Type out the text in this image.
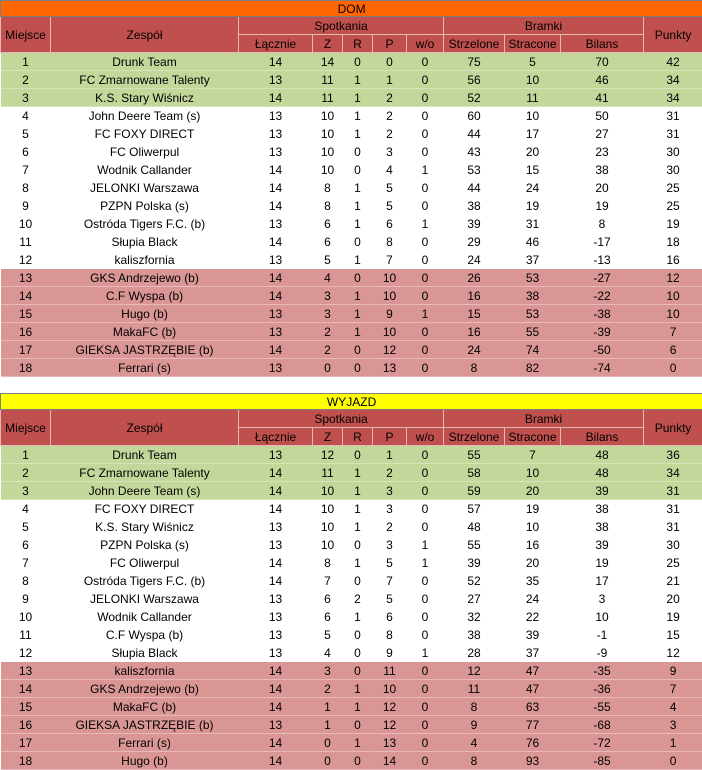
DOM										
Miejsce	Zespół	Spotkania					Bramki			Punkty
		Łącznie	Z	R	P	w/o	Strzelone	Stracone	Bilans	
1	Drunk Team	14	14	0	0	0	75	5	70	42
2	FC Zmarnowane Talenty	13	11	1	1	0	56	10	46	34
3	K.S. Stary Wiśnicz	14	11	1	2	0	52	11	41	34
4	John Deere Team (s)	13	10	1	2	0	60	10	50	31
5	FC FOXY DIRECT	13	10	1	2	0	44	17	27	31
6	FC Oliwerpul	13	10	0	3	0	43	20	23	30
7	Wodnik Callander	14	10	0	4	1	53	15	38	30
8	JELONKI Warszawa	14	8	1	5	0	44	24	20	25
9	PZPN Polska (s)	14	8	1	5	0	38	19	19	25
10	Ostróda Tigers F.C. (b)	13	6	1	6	1	39	31	8	19
11	Słupia Black	14	6	0	8	0	29	46	-17	18
12	kaliszfornia	13	5	1	7	0	24	37	-13	16
13	GKS Andrzejewo (b)	14	4	0	10	0	26	53	-27	12
14	C.F Wyspa (b)	14	3	1	10	0	16	38	-22	10
15	Hugo (b)	13	3	1	9	1	15	53	-38	10
16	MakaFC (b)	13	2	1	10	0	16	55	-39	7
17	GIEKSA JASTRZĘBIE (b)	14	2	0	12	0	24	74	-50	6
18	Ferrari (s)	13	0	0	13	0	8	82	-74	0
WYJAZD										
Miejsce	Zespół	Spotkania					Bramki			Punkty
		Łącznie	Z	R	P	w/o	Strzelone	Stracone	Bilans	
1	Drunk Team	13	12	0	1	0	55	7	48	36
2	FC Zmarnowane Talenty	14	11	1	2	0	58	10	48	34
3	John Deere Team (s)	14	10	1	3	0	59	20	39	31
4	FC FOXY DIRECT	14	10	1	3	0	57	19	38	31
5	K.S. Stary Wiśnicz	13	10	1	2	0	48	10	38	31
6	PZPN Polska (s)	13	10	0	3	1	55	16	39	30
7	FC Oliwerpul	14	8	1	5	1	39	20	19	25
8	Ostróda Tigers F.C. (b)	14	7	0	7	0	52	35	17	21
9	JELONKI Warszawa	13	6	2	5	0	27	24	3	20
10	Wodnik Callander	13	6	1	6	0	32	22	10	19
11	C.F Wyspa (b)	13	5	0	8	0	38	39	-1	15
12	Słupia Black	13	4	0	9	1	28	37	-9	12
13	kaliszfornia	14	3	0	11	0	12	47	-35	9
14	GKS Andrzejewo (b)	14	2	1	10	0	11	47	-36	7
15	MakaFC (b)	14	1	1	12	0	8	63	-55	4
16	GIEKSA JASTRZĘBIE (b)	13	1	0	12	0	9	77	-68	3
17	Ferrari (s)	14	0	1	13	0	4	76	-72	1
18	Hugo (b)	14	0	0	14	0	8	93	-85	0
